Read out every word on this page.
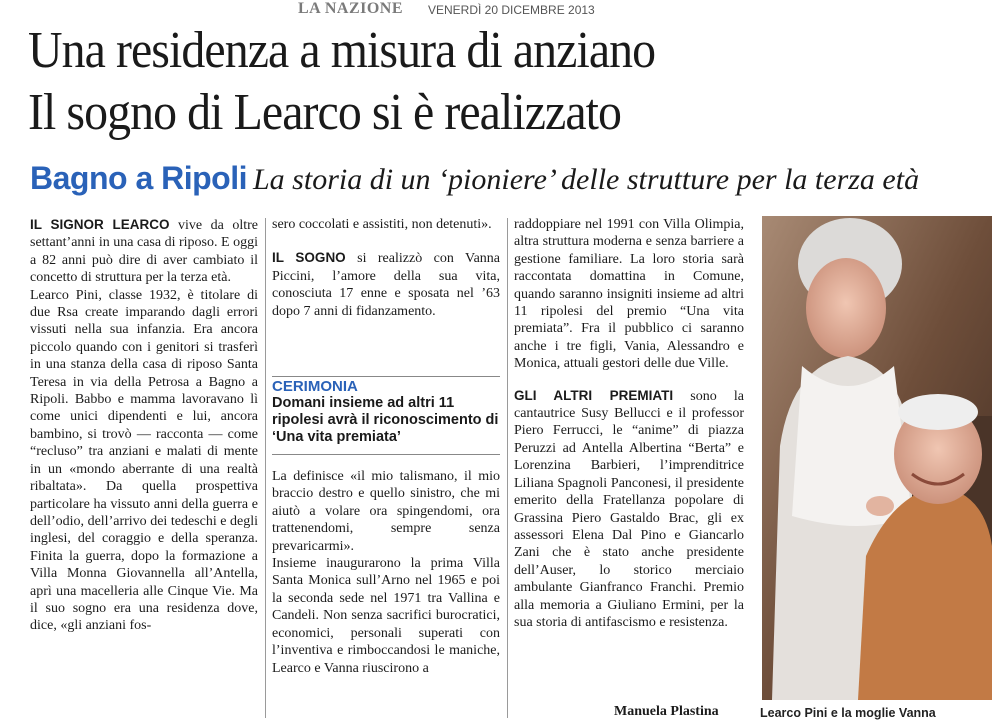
LA NAZIONE VENERDÌ 20 DICEMBRE 2013
Una residenza a misura di anziano
Il sogno di Learco si è realizzato
Bagno a Ripoli La storia di un ‘pioniere’ delle strutture per la terza età

IL SIGNOR LEARCO vive da oltre settant’anni in una casa di riposo. E oggi a 82 anni può dire di aver cambiato il concetto di struttura per la terza età.

Learco Pini, classe 1932, è titolare di due Rsa create imparando dagli errori vissuti nella sua infanzia. Era ancora piccolo quando con i genitori si trasferì in una stanza della casa di riposo Santa Teresa in via della Petrosa a Bagno a Ripoli. Babbo e mamma lavoravano lì come unici dipendenti e lui, ancora bambino, si trovò — racconta — come “recluso” tra anziani e malati di mente in un «mondo aberrante di una realtà ribaltata». Da quella prospettiva particolare ha vissuto anni della guerra e dell’odio, dell’arrivo dei tedeschi e degli inglesi, del coraggio e della speranza. Finita la guerra, dopo la formazione a Villa Monna Giovannella all’Antella, aprì una macelleria alle Cinque Vie. Ma il suo sogno era una residenza dove, dice, «gli anziani fos-

sero coccolati e assistiti, non detenuti».

IL SOGNO si realizzò con Vanna Piccini, l’amore della sua vita, conosciuta 17 enne e sposata nel ’63 dopo 7 anni di fidanzamento.

La definisce «il mio talismano, il mio braccio destro e quello sinistro, che mi aiutò a volare ora spingendomi, ora trattenendomi, sempre senza prevaricarmi».

Insieme inaugurarono la prima Villa Santa Monica sull’Arno nel 1965 e poi la seconda sede nel 1971 tra Vallina e Candeli. Non senza sacrifici burocratici, economici, personali superati con l’inventiva e rimboccandosi le maniche, Learco e Vanna riuscirono a

CERIMONIA
Domani insieme ad altri 11 ripolesi avrà il riconoscimento di ‘Una vita premiata’

raddoppiare nel 1991 con Villa Olimpia, altra struttura moderna e senza barriere a gestione familiare. La loro storia sarà raccontata domattina in Comune, quando saranno insigniti insieme ad altri 11 ripolesi del premio “Una vita premiata”. Fra il pubblico ci saranno anche i tre figli, Vania, Alessandro e Monica, attuali gestori delle due Ville.

GLI ALTRI PREMIATI sono la cantautrice Susy Bellucci e il professor Piero Ferrucci, le “anime” di piazza Peruzzi ad Antella Albertina “Berta” e Lorenzina Barbieri, l’imprenditrice Liliana Spagnoli Panconesi, il presidente emerito della Fratellanza popolare di Grassina Piero Gastaldo Brac, gli ex assessori Elena Dal Pino e Giancarlo Zani che è stato anche presidente dell’Auser, lo storico merciaio ambulante Gianfranco Franchi. Premio alla memoria a Giuliano Ermini, per la sua storia di antifascismo e resistenza.

Manuela Plastina	Learco Pini e la moglie Vanna
